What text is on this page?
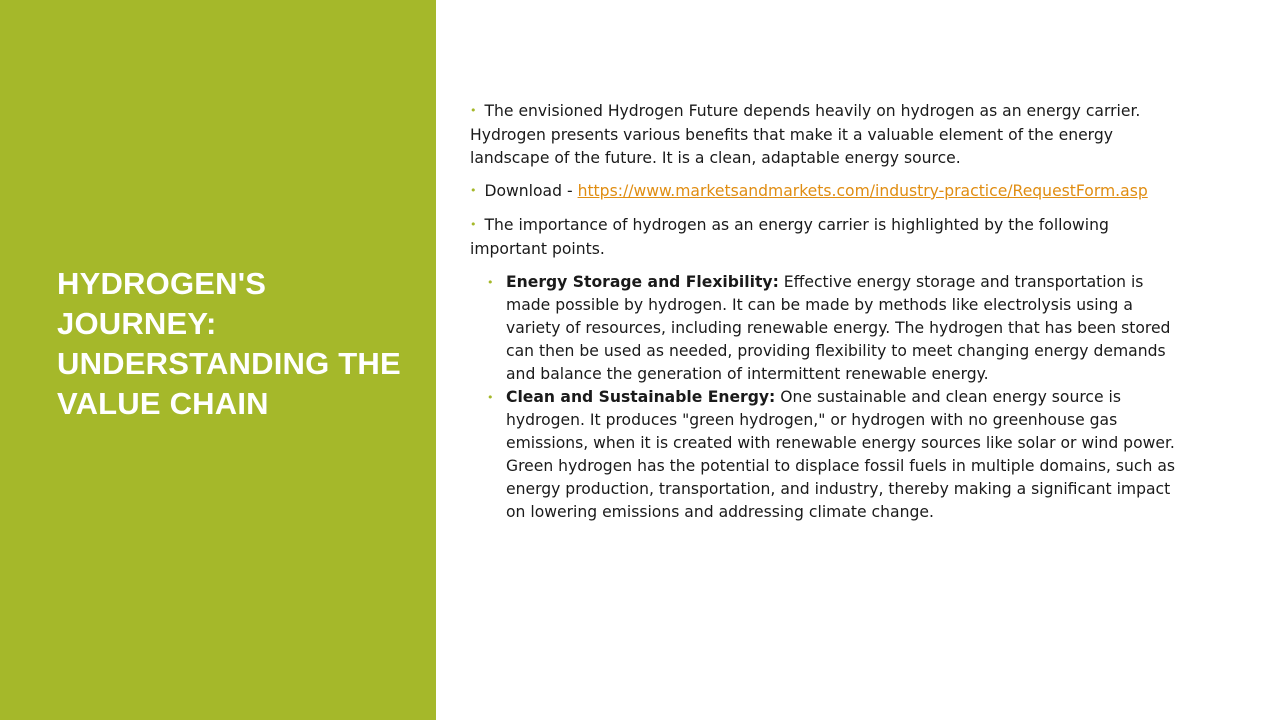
HYDROGEN'S JOURNEY: UNDERSTANDING THE VALUE CHAIN

• The envisioned Hydrogen Future depends heavily on hydrogen as an energy carrier. Hydrogen presents various benefits that make it a valuable element of the energy landscape of the future. It is a clean, adaptable energy source.

• Download - https://www.marketsandmarkets.com/industry-practice/RequestForm.asp

• The importance of hydrogen as an energy carrier is highlighted by the following important points.

• Energy Storage and Flexibility: Effective energy storage and transportation is made possible by hydrogen. It can be made by methods like electrolysis using a variety of resources, including renewable energy. The hydrogen that has been stored can then be used as needed, providing flexibility to meet changing energy demands and balance the generation of intermittent renewable energy.
• Clean and Sustainable Energy: One sustainable and clean energy source is hydrogen. It produces "green hydrogen," or hydrogen with no greenhouse gas emissions, when it is created with renewable energy sources like solar or wind power. Green hydrogen has the potential to displace fossil fuels in multiple domains, such as energy production, transportation, and industry, thereby making a significant impact on lowering emissions and addressing climate change.
